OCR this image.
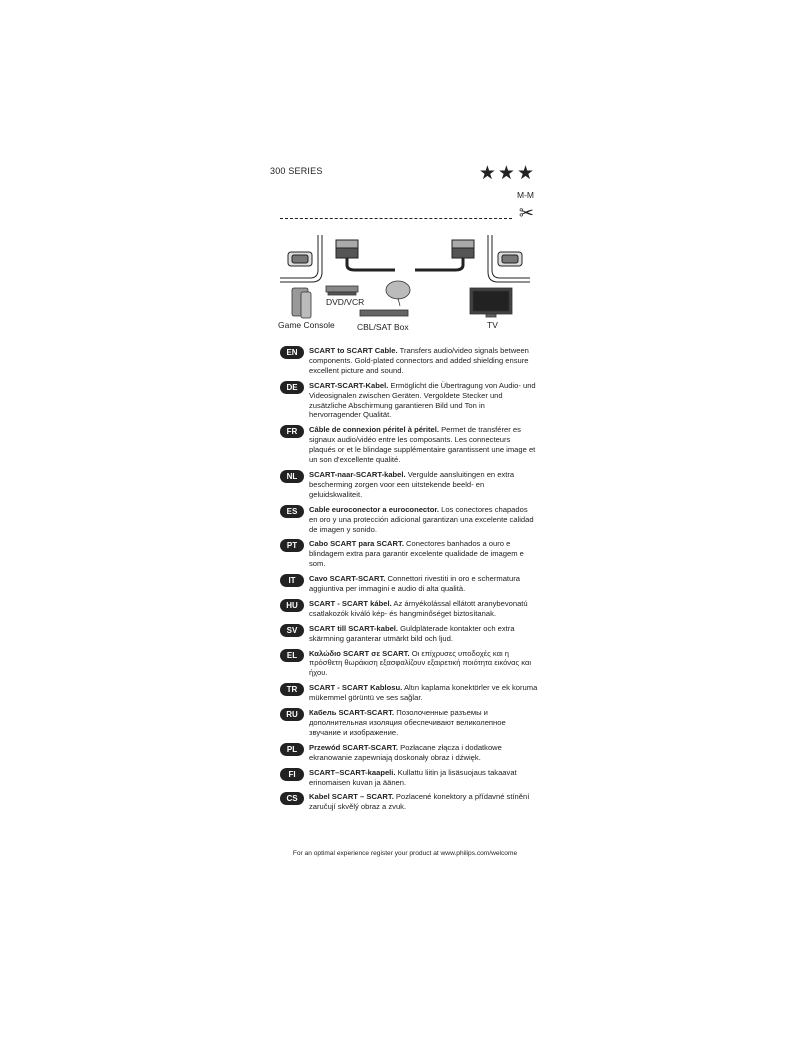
300 SERIES	★★★
M-M
✂
DVD/VCR
Game Console	CBL/SAT Box	TV
EN	SCART to SCART Cable. Transfers audio/video signals between components. Gold-plated connectors and added shielding ensure excellent picture and sound.
DE	SCART-SCART-Kabel. Ermöglicht die Übertragung von Audio- und Videosignalen zwischen Geräten. Vergoldete Stecker und zusätzliche Abschirmung garantieren Bild und Ton in hervorragender Qualität.
FR	Câble de connexion péritel à péritel. Permet de transférer es signaux audio/vidéo entre les composants. Les connecteurs plaqués or et le blindage supplémentaire garantissent une image et un son d'excellente qualité.
NL	SCART-naar-SCART-kabel. Vergulde aansluitingen en extra bescherming zorgen voor een uitstekende beeld- en geluidskwaliteit.
ES	Cable euroconector a euroconector. Los conectores chapados en oro y una protección adicional garantizan una excelente calidad de imagen y sonido.
PT	Cabo SCART para SCART. Conectores banhados a ouro e blindagem extra para garantir excelente qualidade de imagem e som.
IT	Cavo SCART-SCART. Connettori rivestiti in oro e schermatura aggiuntiva per immagini e audio di alta qualità.
HU	SCART - SCART kábel. Az árnyékolással ellátott aranybevonatú csatlakozók kiváló kép- és hangminőséget biztosítanak.
SV	SCART till SCART-kabel. Guldpläterade kontakter och extra skärmning garanterar utmärkt bild och ljud.
EL	Καλώδιο SCART σε SCART. Οι επίχρυσες υποδοχές και η πρόσθετη θωράκιση εξασφαλίζουν εξαιρετική ποιότητα εικόνας και ήχου.
TR	SCART - SCART Kablosu. Altın kaplama konektörler ve ek koruma mükemmel görüntü ve ses sağlar.
RU	Кабель SCART-SCART. Позолоченные разъемы и дополнительная изоляция обеспечивают великолепное звучание и изображение.
PL	Przewód SCART-SCART. Pozłacane złącza i dodatkowe ekranowanie zapewniają doskonały obraz i dźwięk.
FI	SCART–SCART-kaapeli. Kullattu liitin ja lisäsuojaus takaavat erinomaisen kuvan ja äänen.
CS	Kabel SCART – SCART. Pozlacené konektory a přídavné stínění zaručují skvělý obraz a zvuk.
For an optimal experience register your product at www.philips.com/welcome
